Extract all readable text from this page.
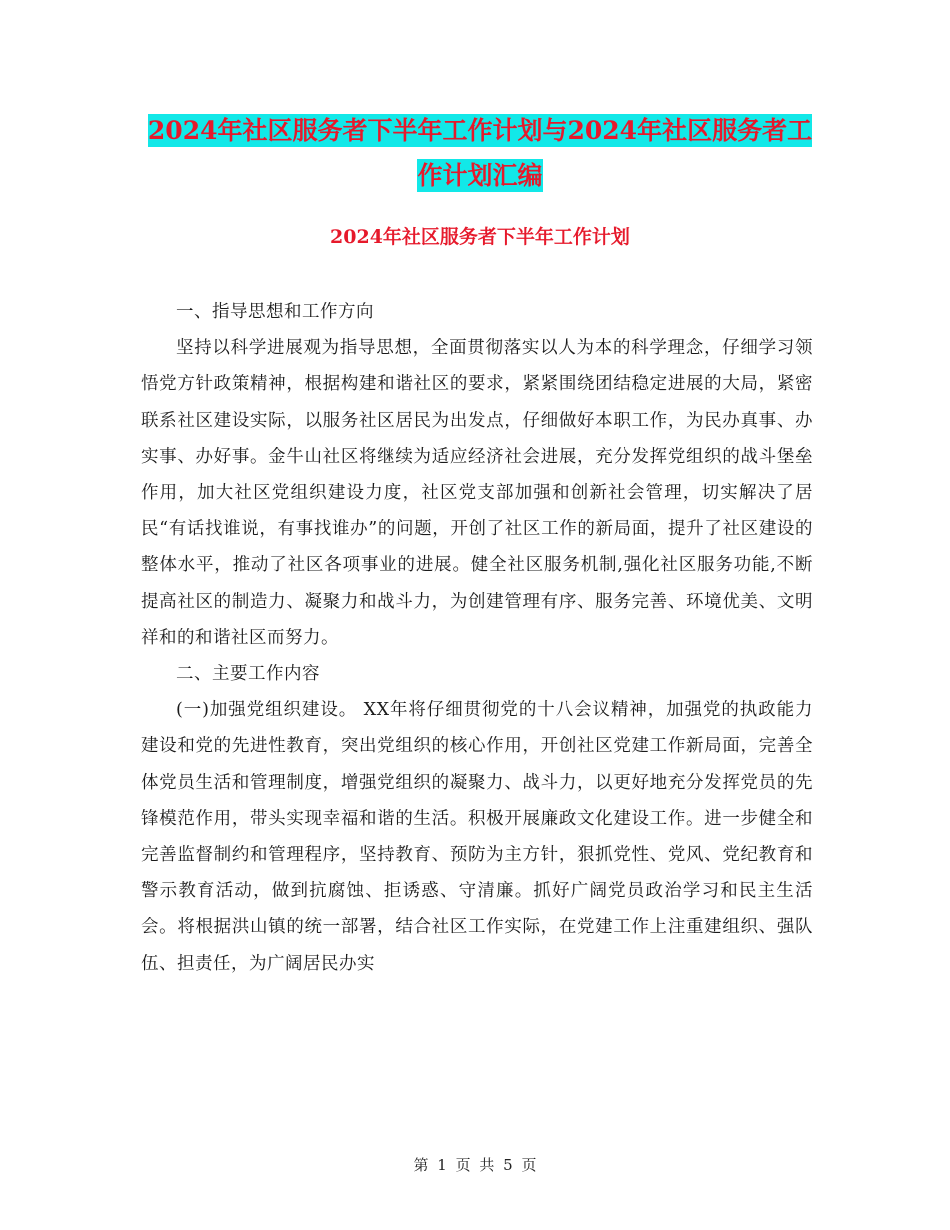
2024年社区服务者下半年工作计划与2024年社区服务者工作计划汇编
2024年社区服务者下半年工作计划

一、指导思想和工作方向

坚持以科学进展观为指导思想，全面贯彻落实以人为本的科学理念，仔细学习领悟党方针政策精神，根据构建和谐社区的要求，紧紧围绕团结稳定进展的大局，紧密联系社区建设实际，以服务社区居民为出发点，仔细做好本职工作，为民办真事、办实事、办好事。金牛山社区将继续为适应经济社会进展，充分发挥党组织的战斗堡垒作用，加大社区党组织建设力度，社区党支部加强和创新社会管理，切实解决了居民“有话找谁说，有事找谁办”的问题，开创了社区工作的新局面，提升了社区建设的整体水平，推动了社区各项事业的进展。健全社区服务机制,强化社区服务功能,不断提高社区的制造力、凝聚力和战斗力，为创建管理有序、服务完善、环境优美、文明祥和的和谐社区而努力。

二、主要工作内容

(一)加强党组织建设。 XX年将仔细贯彻党的十八会议精神，加强党的执政能力建设和党的先进性教育，突出党组织的核心作用，开创社区党建工作新局面，完善全体党员生活和管理制度，增强党组织的凝聚力、战斗力，以更好地充分发挥党员的先锋模范作用，带头实现幸福和谐的生活。积极开展廉政文化建设工作。进一步健全和完善监督制约和管理程序，坚持教育、预防为主方针，狠抓党性、党风、党纪教育和警示教育活动，做到抗腐蚀、拒诱惑、守清廉。抓好广阔党员政治学习和民主生活会。将根据洪山镇的统一部署，结合社区工作实际，在党建工作上注重建组织、强队伍、担责任，为广阔居民办实

第 1 页 共 5 页
